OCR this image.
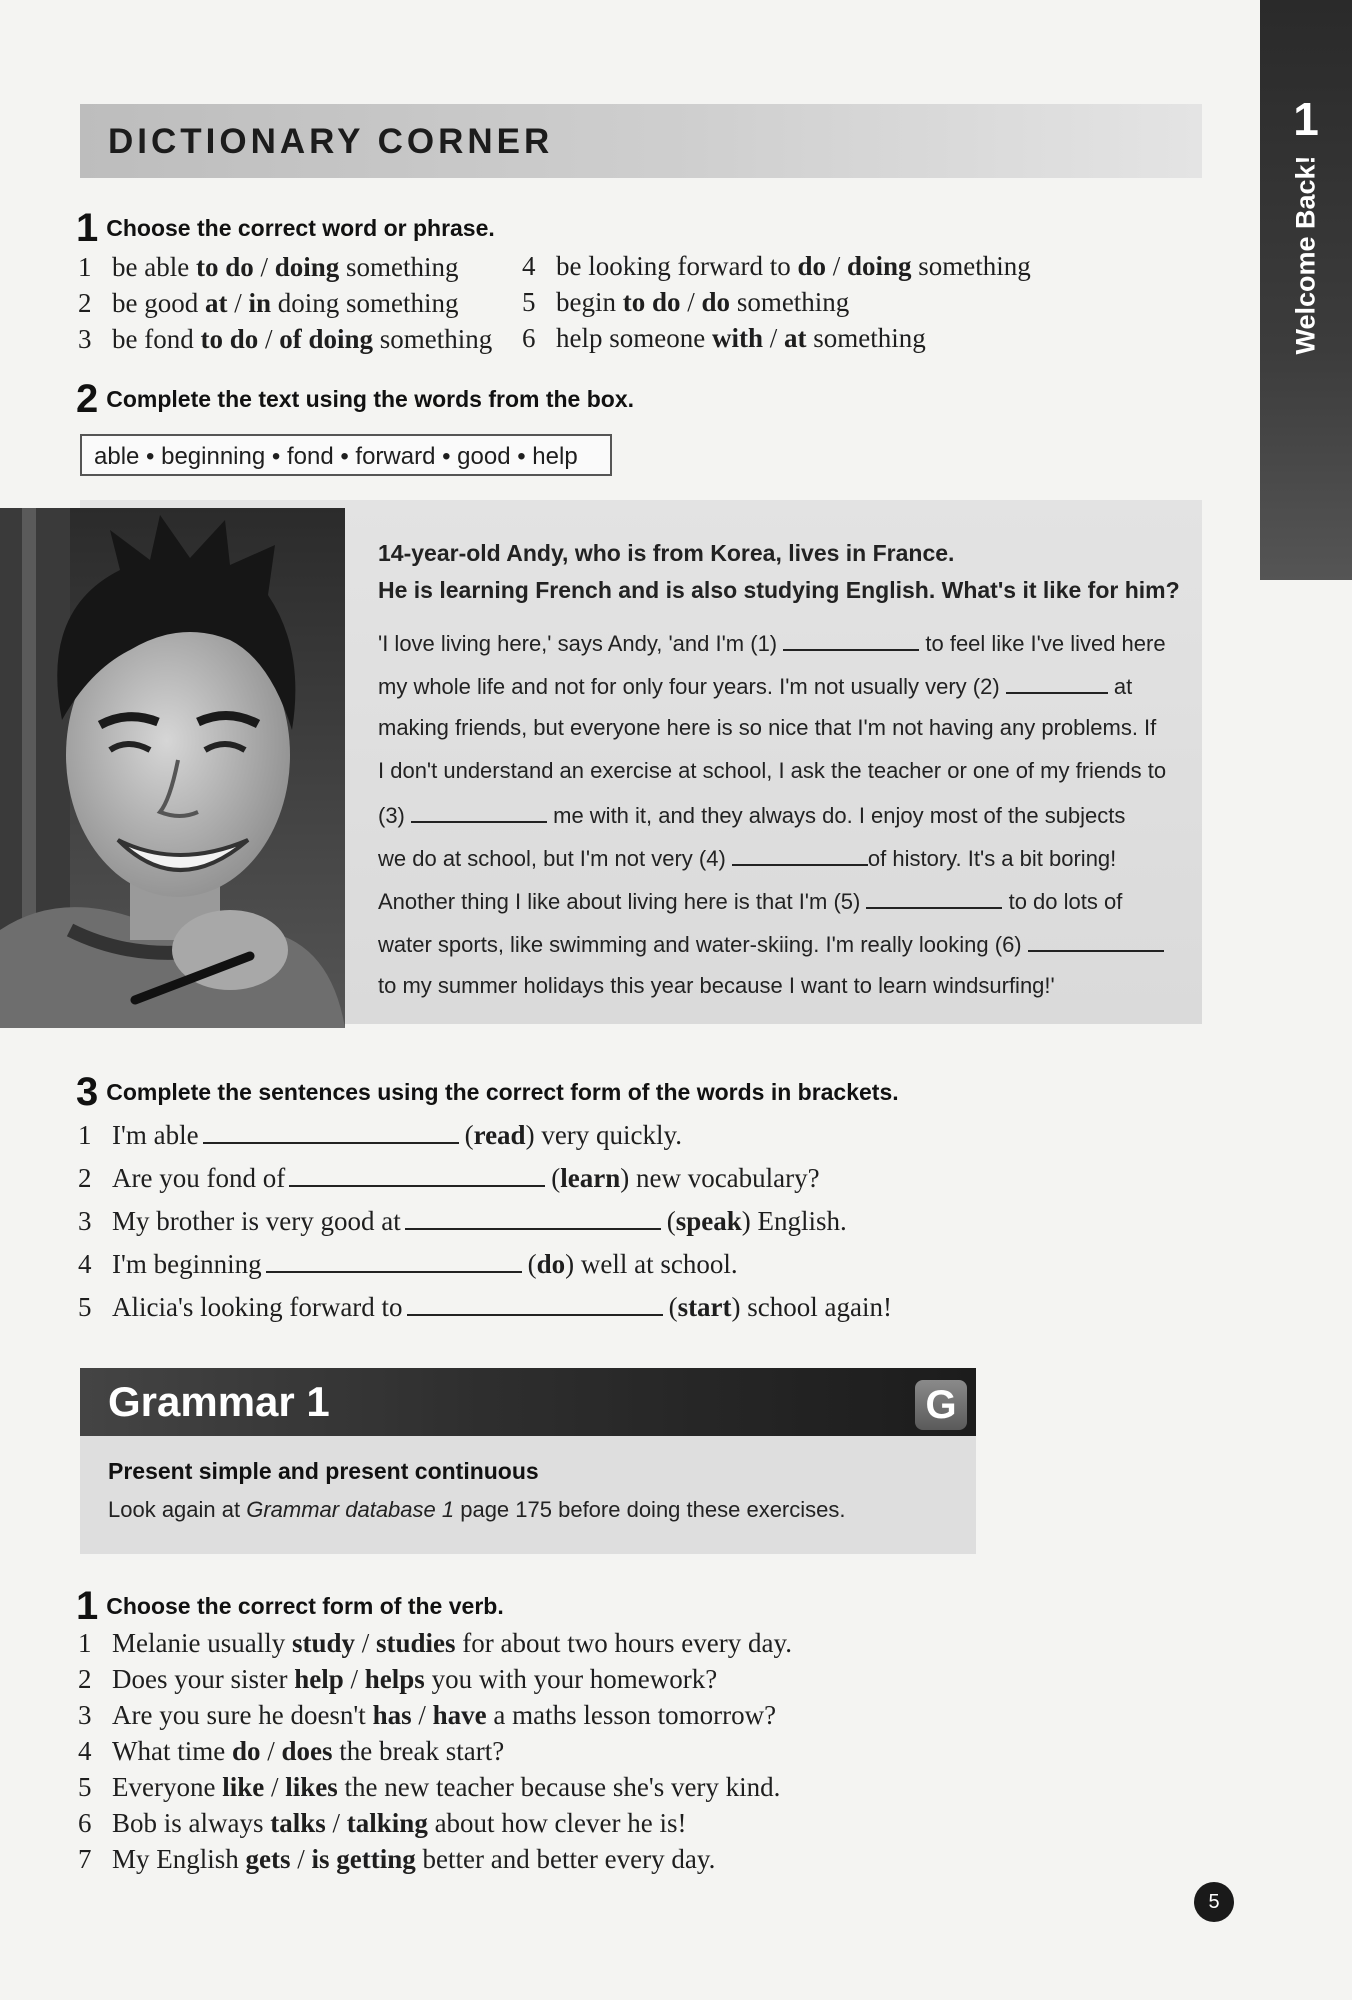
1
Welcome Back!
DICTIONARY CORNER
1 Choose the correct word or phrase.
1 be able to do / doing something
2 be good at / in doing something
3 be fond to do / of doing something
4 be looking forward to do / doing something
5 begin to do / do something
6 help someone with / at something
2 Complete the text using the words from the box.
able • beginning • fond • forward • good • help
14-year-old Andy, who is from Korea, lives in France.
He is learning French and is also studying English. What's it like for him?
'I love living here,' says Andy, 'and I'm (1)	to feel like I've lived here
my whole life and not for only four years. I'm not usually very (2)	at
making friends, but everyone here is so nice that I'm not having any problems. If
I don't understand an exercise at school, I ask the teacher or one of my friends to
(3)	me with it, and they always do. I enjoy most of the subjects
we do at school, but I'm not very (4)	of history. It's a bit boring!
Another thing I like about living here is that I'm (5)	to do lots of
water sports, like swimming and water-skiing. I'm really looking (6)
to my summer holidays this year because I want to learn windsurfing!'
3 Complete the sentences using the correct form of the words in brackets.
1 I'm able	(read) very quickly.
2 Are you fond of	(learn) new vocabulary?
3 My brother is very good at	(speak) English.
4 I'm beginning	(do) well at school.
5 Alicia's looking forward to	(start) school again!
Grammar 1	G
Present simple and present continuous
Look again at Grammar database 1 page 175 before doing these exercises.
1 Choose the correct form of the verb.
1 Melanie usually study / studies for about two hours every day.
2 Does your sister help / helps you with your homework?
3 Are you sure he doesn't has / have a maths lesson tomorrow?
4 What time do / does the break start?
5 Everyone like / likes the new teacher because she's very kind.
6 Bob is always talks / talking about how clever he is!
7 My English gets / is getting better and better every day.
5
